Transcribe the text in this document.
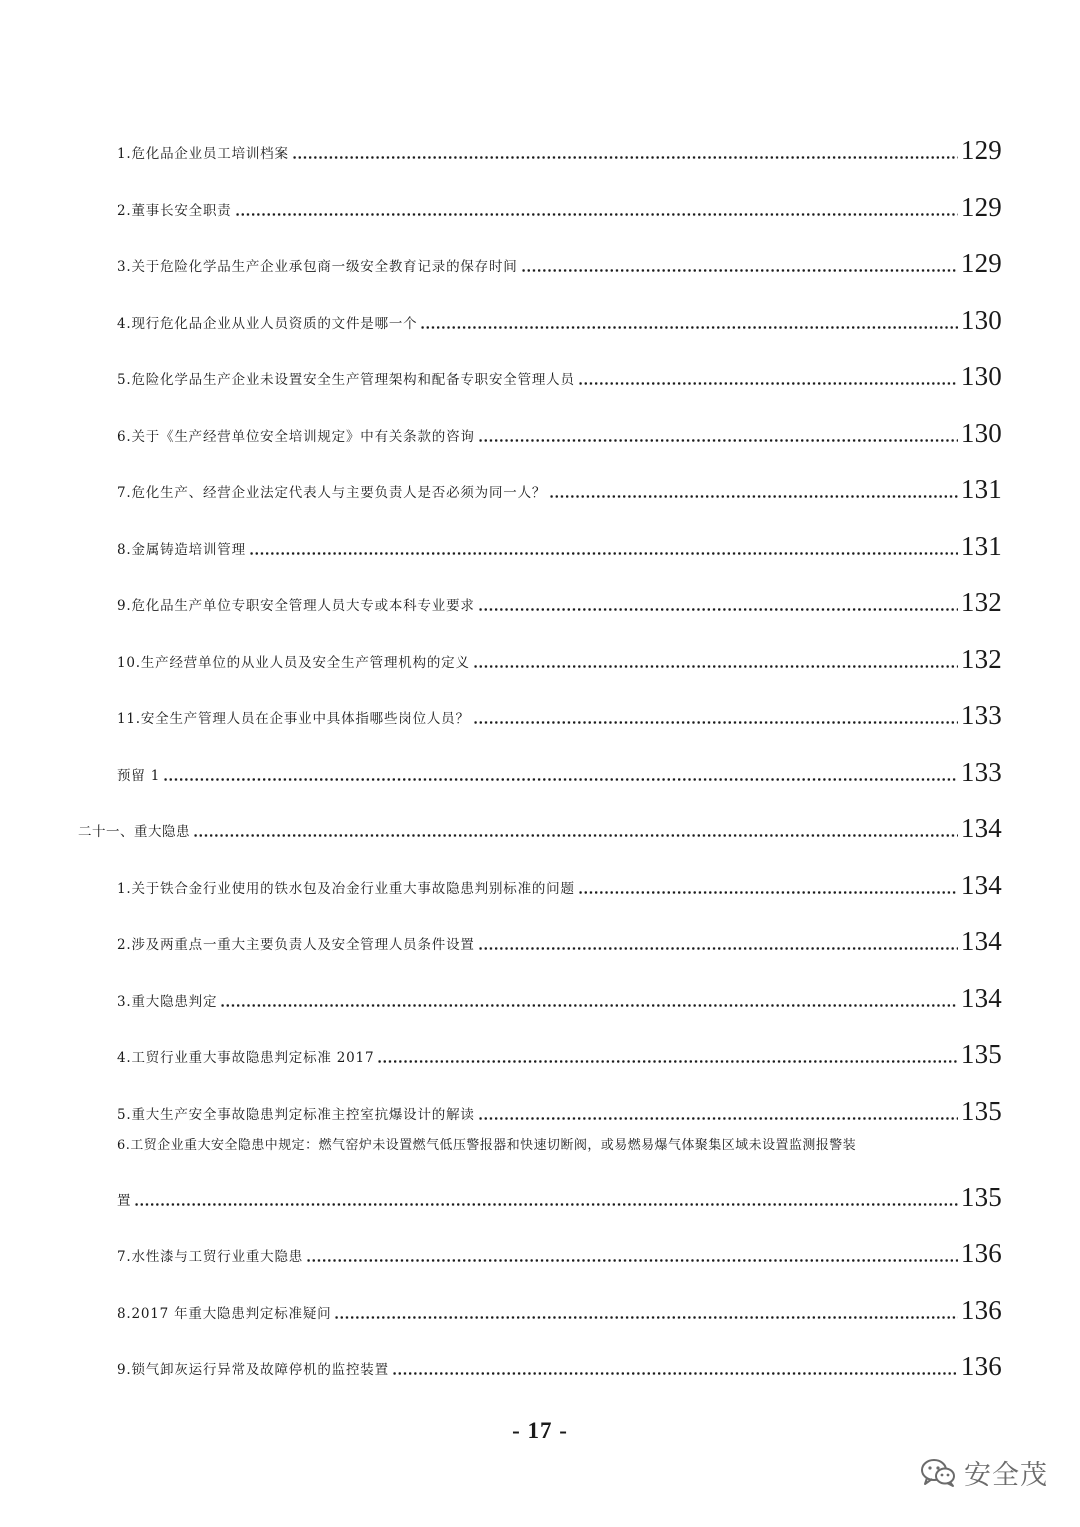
1.危化品企业员工培训档案	129
2.董事长安全职责	129
3.关于危险化学品生产企业承包商一级安全教育记录的保存时间	129
4.现行危化品企业从业人员资质的文件是哪一个	130
5.危险化学品生产企业未设置安全生产管理架构和配备专职安全管理人员	130
6.关于《生产经营单位安全培训规定》中有关条款的咨询	130
7.危化生产、经营企业法定代表人与主要负责人是否必须为同一人？	131
8.金属铸造培训管理	131
9.危化品生产单位专职安全管理人员大专或本科专业要求	132
10.生产经营单位的从业人员及安全生产管理机构的定义	132
11.安全生产管理人员在企事业中具体指哪些岗位人员？	133
预留 1	133
二十一、重大隐患	134
1.关于铁合金行业使用的铁水包及冶金行业重大事故隐患判别标准的问题	134
2.涉及两重点一重大主要负责人及安全管理人员条件设置	134
3.重大隐患判定	134
4.工贸行业重大事故隐患判定标准 2017	135
5.重大生产安全事故隐患判定标准主控室抗爆设计的解读	135
6.工贸企业重大安全隐患中规定：燃气窑炉未设置燃气低压警报器和快速切断阀，或易燃易爆气体聚集区域未设置监测报警装
置	135
7.水性漆与工贸行业重大隐患	136
8.2017 年重大隐患判定标准疑问	136
9.锁气卸灰运行异常及故障停机的监控装置	136
- 17 -
安全茂
